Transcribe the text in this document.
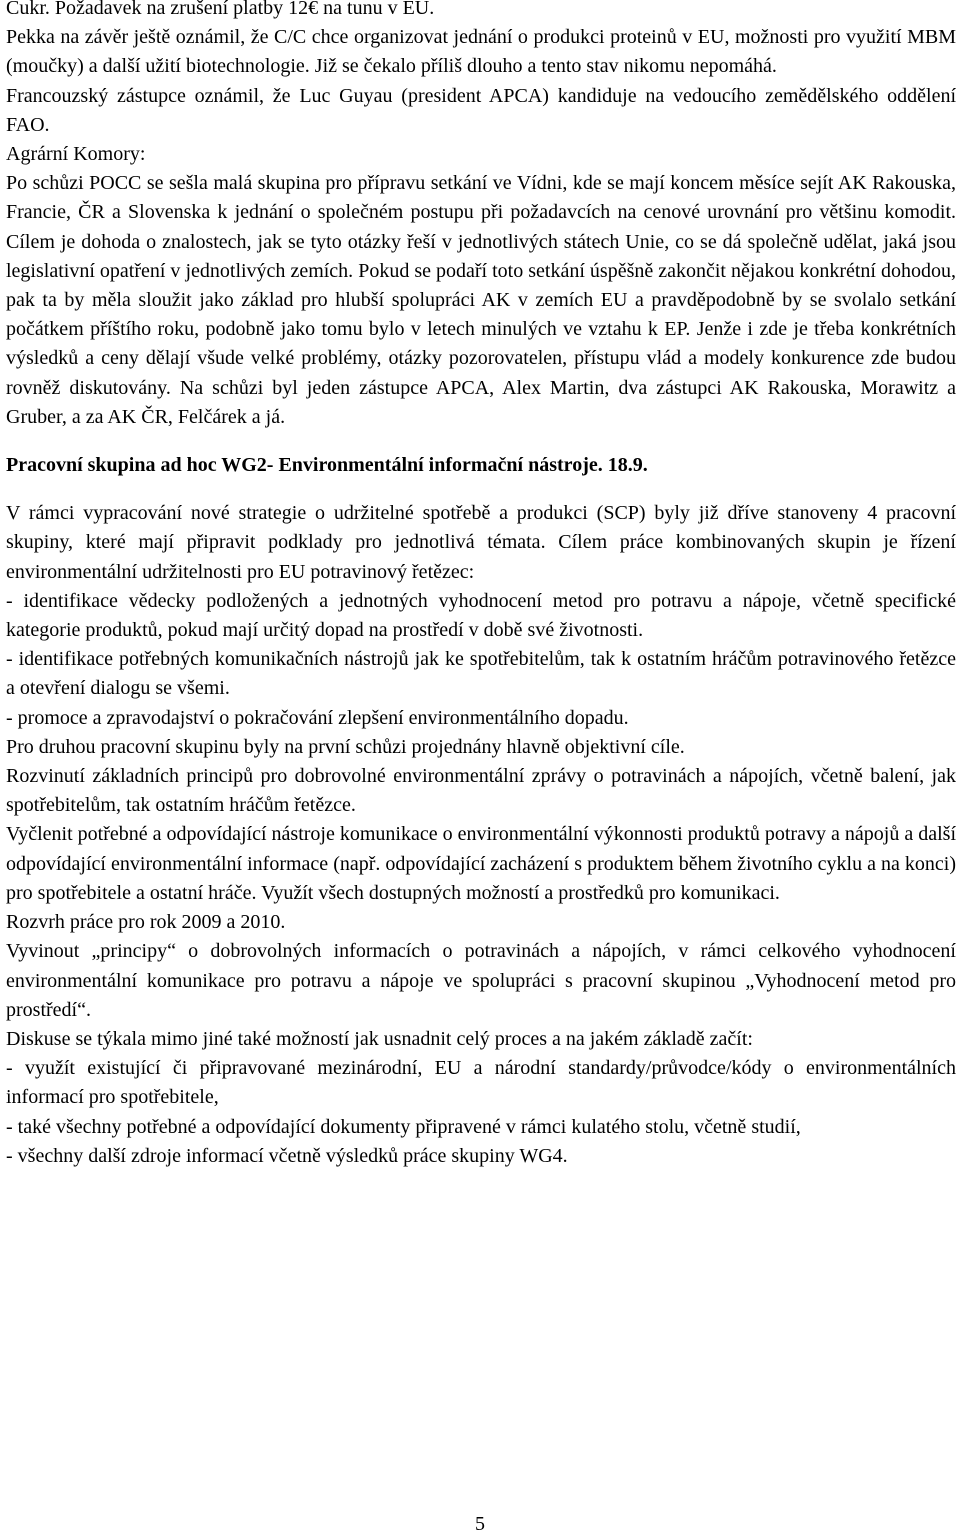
Cukr. Požadavek na zrušení platby 12€ na tunu v EU.

Pekka na závěr ještě oznámil, že C/C chce organizovat jednání o produkci proteinů v EU, možnosti pro využití MBM (moučky) a další užití biotechnologie. Již se čekalo příliš dlouho a tento stav nikomu nepomáhá.

Francouzský zástupce oznámil, že Luc Guyau (president APCA) kandiduje na vedoucího zemědělského oddělení FAO.

Agrární Komory:

Po schůzi POCC se sešla malá skupina pro přípravu setkání ve Vídni, kde se mají koncem měsíce sejít AK Rakouska, Francie, ČR a Slovenska k jednání o společném postupu při požadavcích na cenové urovnání pro většinu komodit. Cílem je dohoda o znalostech, jak se tyto otázky řeší v jednotlivých státech Unie, co se dá společně udělat, jaká jsou legislativní opatření v jednotlivých zemích. Pokud se podaří toto setkání úspěšně zakončit nějakou konkrétní dohodou, pak ta by měla sloužit jako základ pro hlubší spolupráci AK v zemích EU a pravděpodobně by se svolalo setkání počátkem příštího roku, podobně jako tomu bylo v letech minulých ve vztahu k EP. Jenže i zde je třeba konkrétních výsledků a ceny dělají všude velké problémy, otázky pozorovatelen, přístupu vlád a modely konkurence zde budou rovněž diskutovány. Na schůzi byl jeden zástupce APCA, Alex Martin, dva zástupci AK Rakouska, Morawitz a Gruber, a za AK ČR, Felčárek a já.

Pracovní skupina ad hoc WG2- Environmentální informační nástroje. 18.9.

V rámci vypracování nové strategie o udržitelné spotřebě a produkci (SCP) byly již dříve stanoveny 4 pracovní skupiny, které mají připravit podklady pro jednotlivá témata. Cílem práce kombinovaných skupin je řízení environmentální udržitelnosti pro EU potravinový řetězec:

- identifikace vědecky podložených a jednotných vyhodnocení metod pro potravu a nápoje, včetně specifické kategorie produktů, pokud mají určitý dopad na prostředí v době své životnosti.

- identifikace potřebných komunikačních nástrojů jak ke spotřebitelům, tak k ostatním hráčům potravinového řetězce a otevření dialogu se všemi.

- promoce a zpravodajství o pokračování zlepšení environmentálního dopadu.

Pro druhou pracovní skupinu byly na první schůzi projednány hlavně objektivní cíle.

Rozvinutí základních principů pro dobrovolné environmentální zprávy o potravinách a nápojích, včetně balení, jak spotřebitelům, tak ostatním hráčům řetězce.

Vyčlenit potřebné a odpovídající nástroje komunikace o environmentální výkonnosti produktů potravy a nápojů a další odpovídající environmentální informace (např. odpovídající zacházení s produktem během životního cyklu a na konci) pro spotřebitele a ostatní hráče. Využít všech dostupných možností a prostředků pro komunikaci.

Rozvrh práce pro rok 2009 a 2010.

Vyvinout „principy“ o dobrovolných informacích o potravinách a nápojích, v rámci celkového vyhodnocení environmentální komunikace pro potravu a nápoje ve spolupráci s pracovní skupinou „Vyhodnocení metod pro prostředí“.

Diskuse se týkala mimo jiné také možností jak usnadnit celý proces a na jakém základě začít:

- využít existující či připravované mezinárodní, EU a národní standardy/průvodce/kódy o environmentálních informací pro spotřebitele,

- také všechny potřebné a odpovídající dokumenty připravené v rámci kulatého stolu, včetně studií,

- všechny další zdroje informací včetně výsledků práce skupiny WG4.

5
